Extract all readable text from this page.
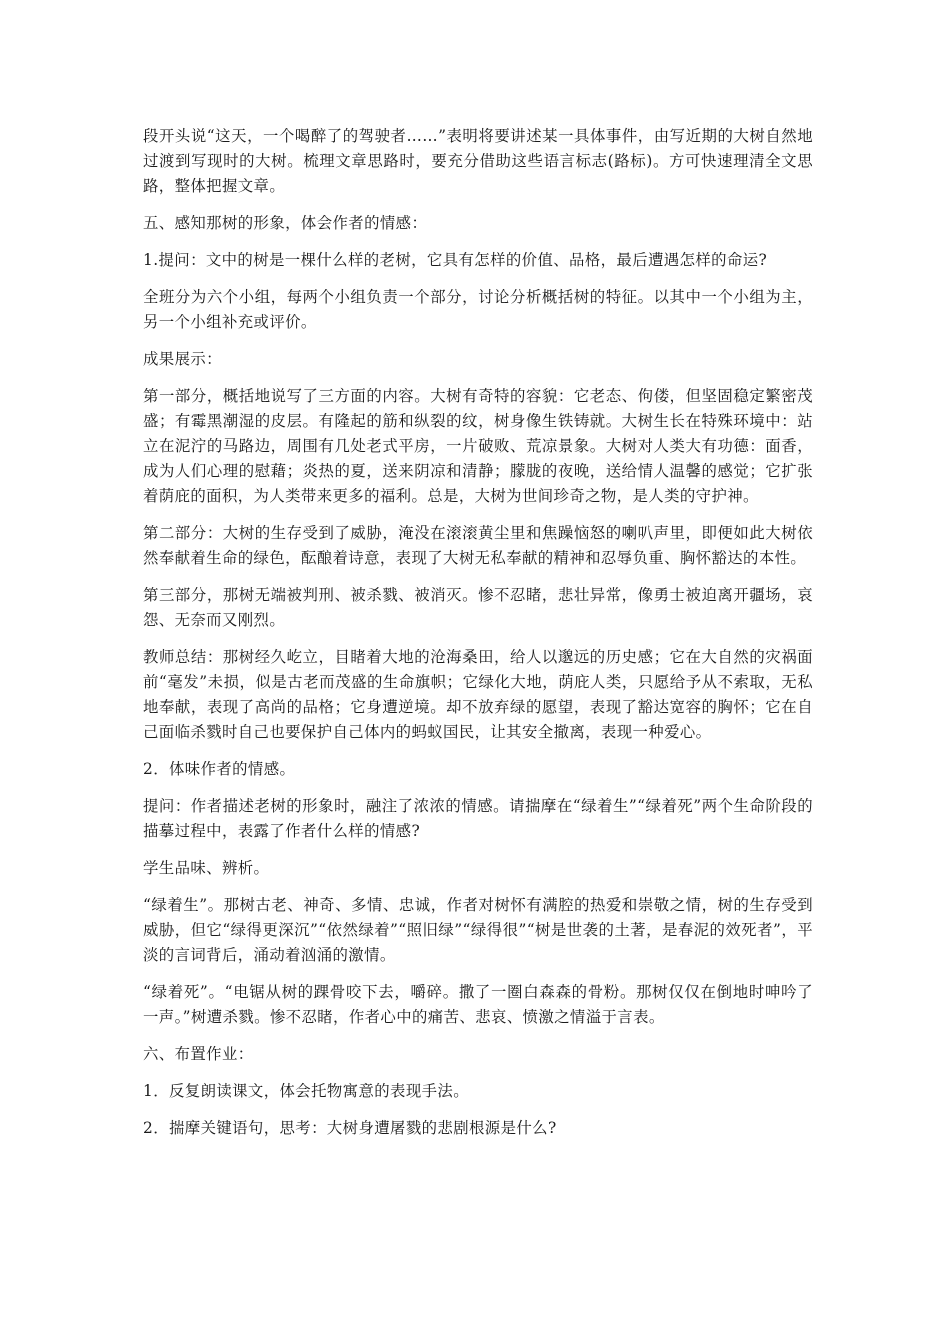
段开头说“这天，一个喝醉了的驾驶者……”表明将要讲述某一具体事件，由写近期的大树自然地过渡到写现时的大树。梳理文章思路时，要充分借助这些语言标志(路标)。方可快速理清全文思路，整体把握文章。

五、感知那树的形象，体会作者的情感：

1.提问：文中的树是一棵什么样的老树，它具有怎样的价值、品格，最后遭遇怎样的命运?

全班分为六个小组，每两个小组负责一个部分，讨论分析概括树的特征。以其中一个小组为主，另一个小组补充或评价。

成果展示：

第一部分，概括地说写了三方面的内容。大树有奇特的容貌：它老态、佝偻，但坚固稳定繁密茂盛；有霉黑潮湿的皮层。有隆起的筋和纵裂的纹，树身像生铁铸就。大树生长在特殊环境中：站立在泥泞的马路边，周围有几处老式平房，一片破败、荒凉景象。大树对人类大有功德：面香，成为人们心理的慰藉；炎热的夏，送来阴凉和清静；朦胧的夜晚，送给情人温馨的感觉；它扩张着荫庇的面积，为人类带来更多的福利。总是，大树为世间珍奇之物，是人类的守护神。

第二部分：大树的生存受到了威胁，淹没在滚滚黄尘里和焦躁恼怒的喇叭声里，即便如此大树依然奉献着生命的绿色，酝酿着诗意，表现了大树无私奉献的精神和忍辱负重、胸怀豁达的本性。

第三部分，那树无端被判刑、被杀戮、被消灭。惨不忍睹，悲壮异常，像勇士被迫离开疆场，哀怨、无奈而又刚烈。

教师总结：那树经久屹立，目睹着大地的沧海桑田，给人以邈远的历史感；它在大自然的灾祸面前“毫发”未损，似是古老而茂盛的生命旗帜；它绿化大地，荫庇人类，只愿给予从不索取，无私地奉献，表现了高尚的品格；它身遭逆境。却不放弃绿的愿望，表现了豁达宽容的胸怀；它在自己面临杀戮时自己也要保护自己体内的蚂蚁国民，让其安全撤离，表现一种爱心。

2．体味作者的情感。

提问：作者描述老树的形象时，融注了浓浓的情感。请揣摩在“绿着生”“绿着死”两个生命阶段的描摹过程中，表露了作者什么样的情感?

学生品味、辨析。

“绿着生”。那树古老、神奇、多情、忠诚，作者对树怀有满腔的热爱和崇敬之情，树的生存受到威胁，但它“绿得更深沉”“依然绿着”“照旧绿”“绿得很”“树是世袭的土著，是春泥的效死者”，平淡的言词背后，涌动着汹涌的激情。

“绿着死”。“电锯从树的踝骨咬下去，嚼碎。撒了一圈白森森的骨粉。那树仅仅在倒地时呻吟了一声。”树遭杀戮。惨不忍睹，作者心中的痛苦、悲哀、愤激之情溢于言表。

六、布置作业：

1．反复朗读课文，体会托物寓意的表现手法。

2．揣摩关键语句，思考：大树身遭屠戮的悲剧根源是什么?
